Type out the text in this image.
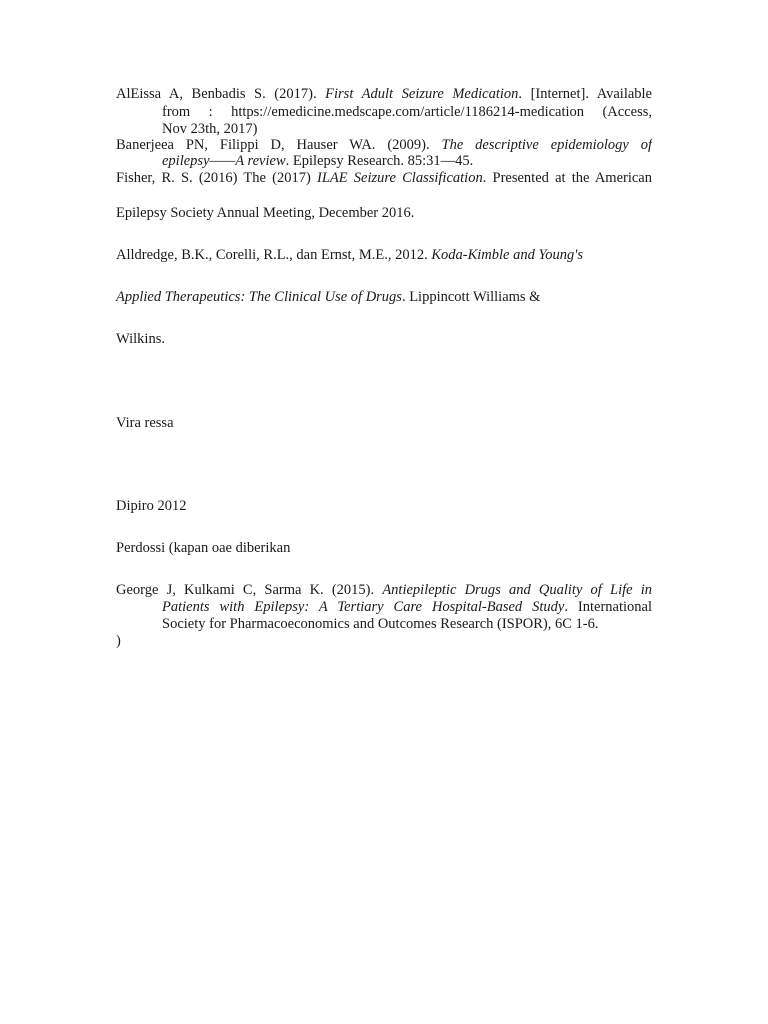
AlEissa A, Benbadis S. (2017). First Adult Seizure Medication. [Internet]. Available
from : https://emedicine.medscape.com/article/1186214-medication (Access,
Nov 23th, 2017)
Banerjeea PN, Filippi D, Hauser WA. (2009). The descriptive epidemiology of
epilepsy——A review. Epilepsy Research. 85:31—45.
Fisher, R. S. (2016) The (2017) ILAE Seizure Classification. Presented at the American
Epilepsy Society Annual Meeting, December 2016.
Alldredge, B.K., Corelli, R.L., dan Ernst, M.E., 2012. Koda-Kimble and Young's
Applied Therapeutics: The Clinical Use of Drugs. Lippincott Williams &
Wilkins.
Vira ressa
Dipiro 2012
Perdossi (kapan oae diberikan
George J, Kulkami C, Sarma K. (2015). Antiepileptic Drugs and Quality of Life in
Patients with Epilepsy: A Tertiary Care Hospital-Based Study. International
Society for Pharmacoeconomics and Outcomes Research (ISPOR), 6C 1-6.
)
